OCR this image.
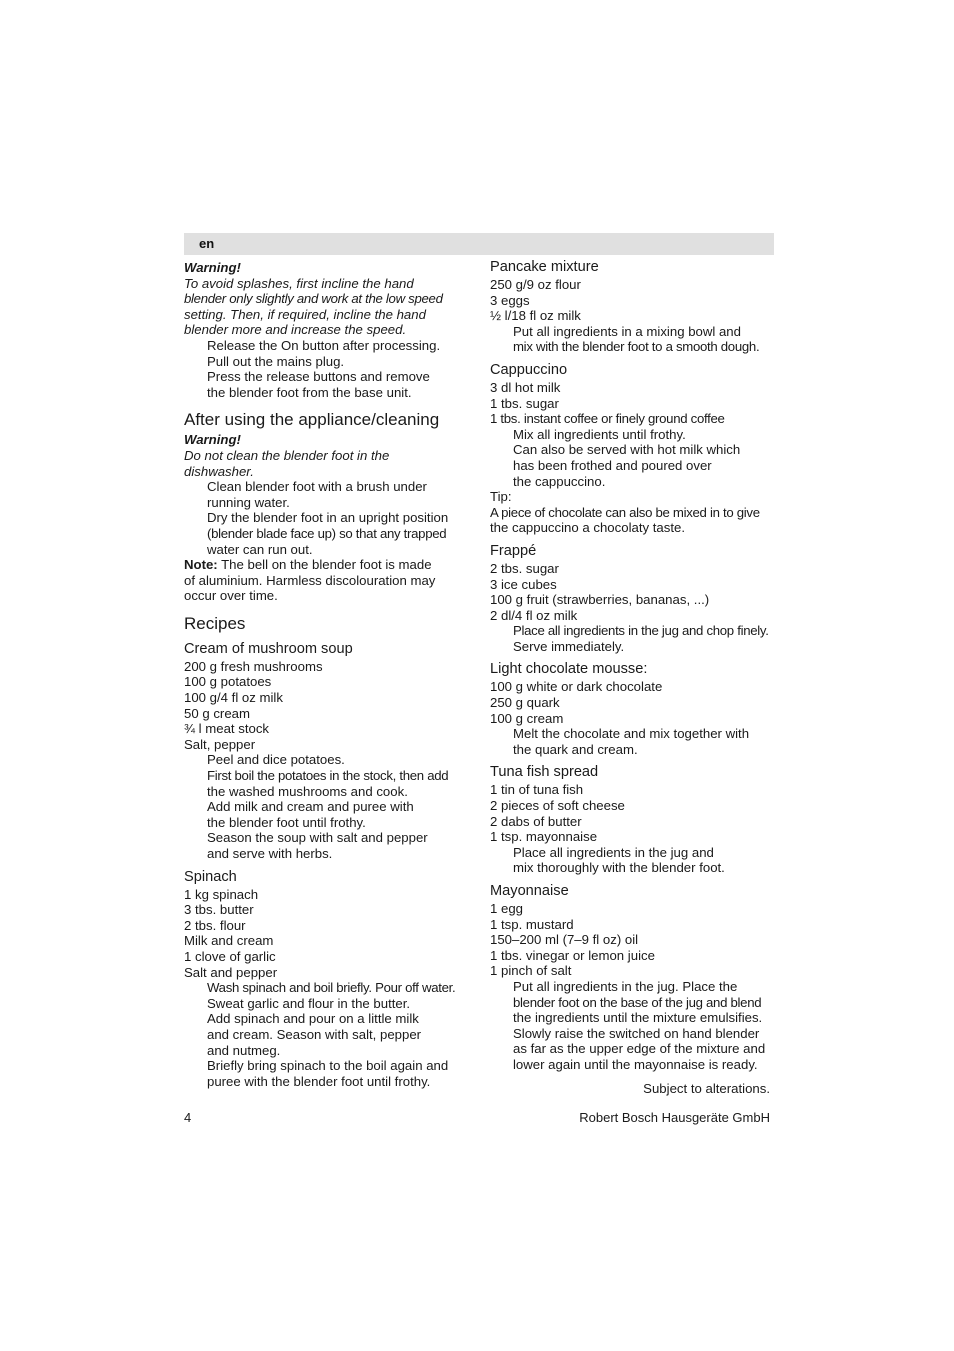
en
Warning!
To avoid splashes, first incline the hand
blender only slightly and work at the low speed
setting. Then, if required, incline the hand
blender more and increase the speed.
Release the On button after processing.
Pull out the mains plug.
Press the release buttons and remove
the blender foot from the base unit.
After using the appliance/cleaning
Warning!
Do not clean the blender foot in the
dishwasher.
Clean blender foot with a brush under
running water.
Dry the blender foot in an upright position
(blender blade face up) so that any trapped
water can run out.
Note: The bell on the blender foot is made
of aluminium. Harmless discolouration may
occur over time.
Recipes
Cream of mushroom soup
200 g fresh mushrooms
100 g potatoes
100 g/4 fl oz milk
50 g cream
¾ l meat stock
Salt, pepper
Peel and dice potatoes.
First boil the potatoes in the stock, then add
the washed mushrooms and cook.
Add milk and cream and puree with
the blender foot until frothy.
Season the soup with salt and pepper
and serve with herbs.
Spinach
1 kg spinach
3 tbs. butter
2 tbs. flour
Milk and cream
1 clove of garlic
Salt and pepper
Wash spinach and boil briefly. Pour off water.
Sweat garlic and flour in the butter.
Add spinach and pour on a little milk
and cream. Season with salt, pepper
and nutmeg.
Briefly bring spinach to the boil again and
puree with the blender foot until frothy.
Pancake mixture
250 g/9 oz flour
3 eggs
½ l/18 fl oz milk
Put all ingredients in a mixing bowl and
mix with the blender foot to a smooth dough.
Cappuccino
3 dl hot milk
1 tbs. sugar
1 tbs. instant coffee or finely ground coffee
Mix all ingredients until frothy.
Can also be served with hot milk which
has been frothed and poured over
the cappuccino.
Tip:
A piece of chocolate can also be mixed in to give
the cappuccino a chocolaty taste.
Frappé
2 tbs. sugar
3 ice cubes
100 g fruit (strawberries, bananas, ...)
2 dl/4 fl oz milk
Place all ingredients in the jug and chop finely.
Serve immediately.
Light chocolate mousse:
100 g white or dark chocolate
250 g quark
100 g cream
Melt the chocolate and mix together with
the quark and cream.
Tuna fish spread
1 tin of tuna fish
2 pieces of soft cheese
2 dabs of butter
1 tsp. mayonnaise
Place all ingredients in the jug and
mix thoroughly with the blender foot.
Mayonnaise
1 egg
1 tsp. mustard
150–200 ml (7–9 fl oz) oil
1 tbs. vinegar or lemon juice
1 pinch of salt
Put all ingredients in the jug. Place the
blender foot on the base of the jug and blend
the ingredients until the mixture emulsifies.
Slowly raise the switched on hand blender
as far as the upper edge of the mixture and
lower again until the mayonnaise is ready.
Subject to alterations.
4	Robert Bosch Hausgeräte GmbH
